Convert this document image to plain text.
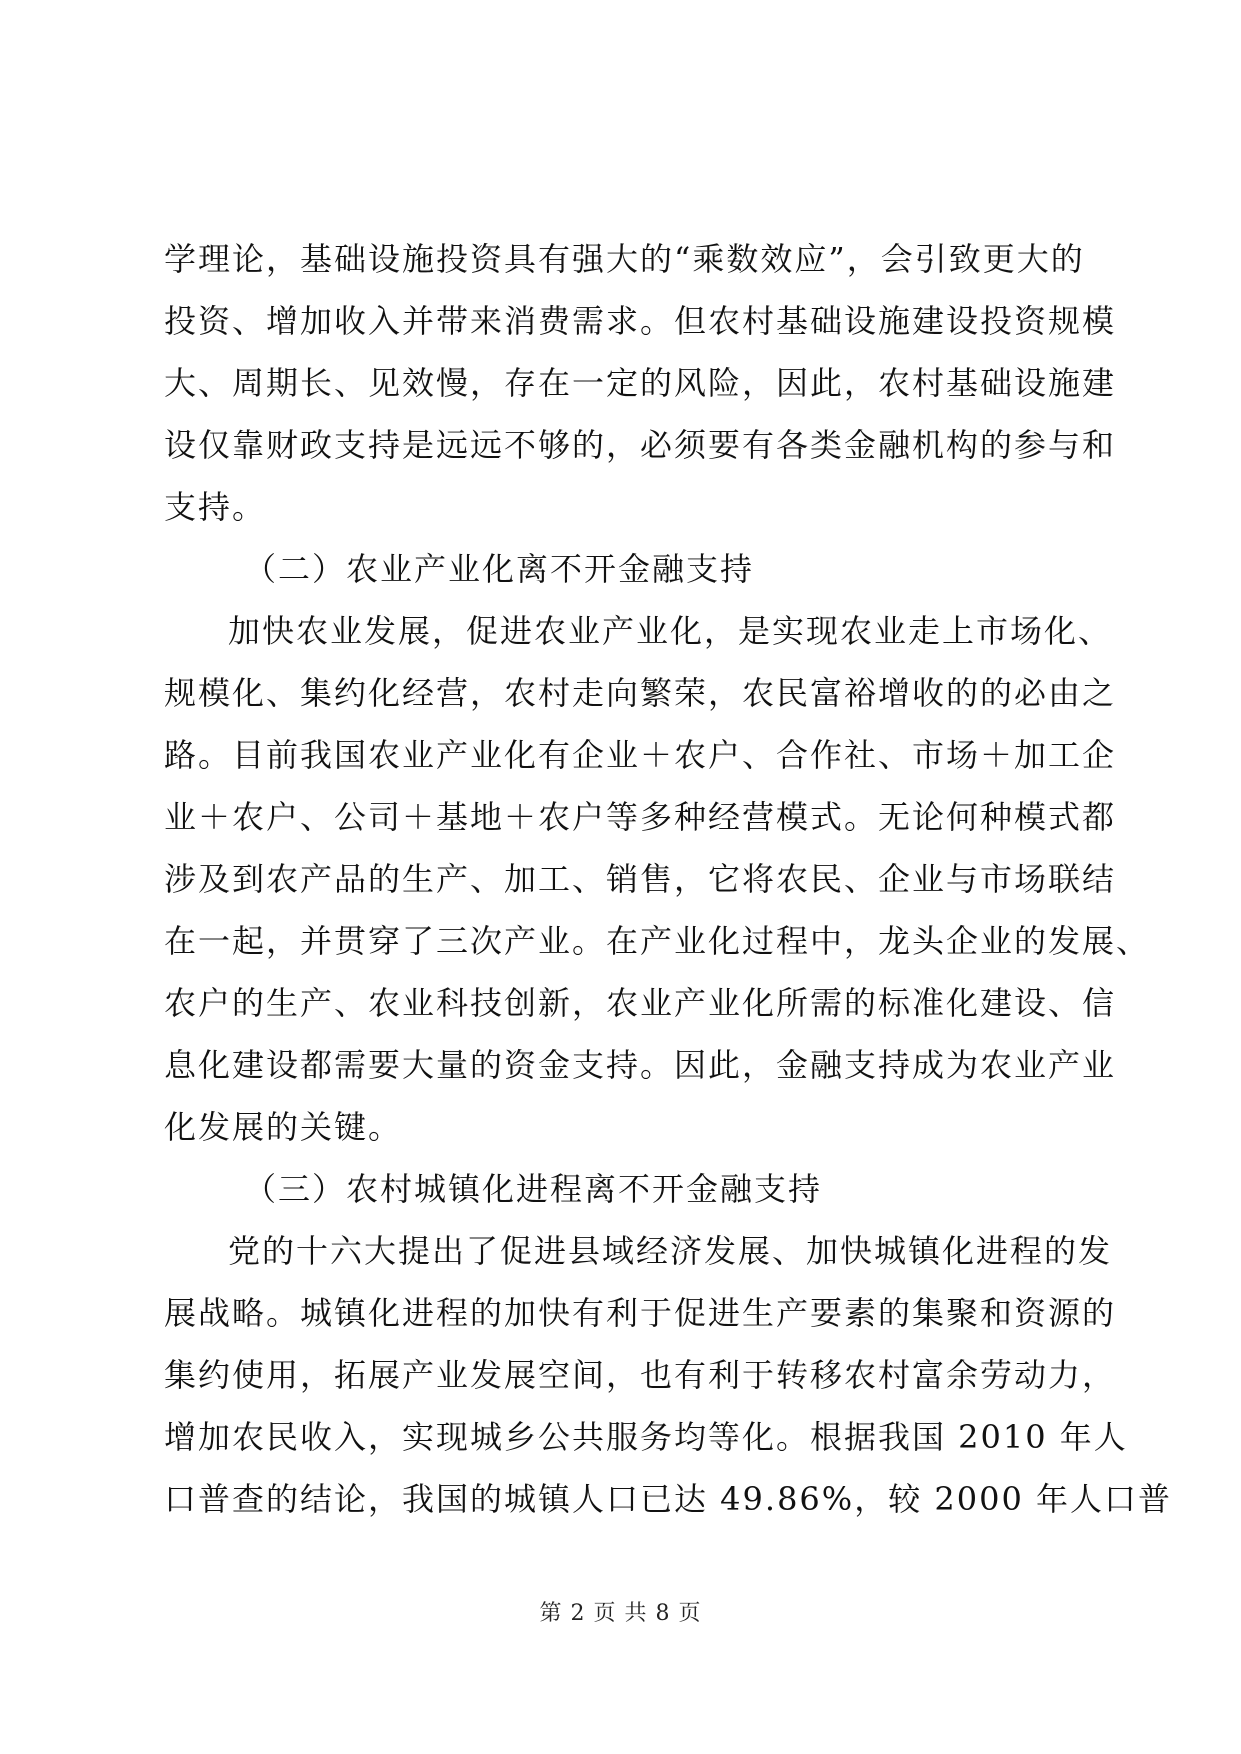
学理论，基础设施投资具有强大的“乘数效应”，会引致更大的
投资、增加收入并带来消费需求。但农村基础设施建设投资规模
大、周期长、见效慢，存在一定的风险，因此，农村基础设施建
设仅靠财政支持是远远不够的，必须要有各类金融机构的参与和
支持。
（二）农业产业化离不开金融支持
加快农业发展，促进农业产业化，是实现农业走上市场化、
规模化、集约化经营，农村走向繁荣，农民富裕增收的的必由之
路。目前我国农业产业化有企业＋农户、合作社、市场＋加工企
业＋农户、公司＋基地＋农户等多种经营模式。无论何种模式都
涉及到农产品的生产、加工、销售，它将农民、企业与市场联结
在一起，并贯穿了三次产业。在产业化过程中，龙头企业的发展、
农户的生产、农业科技创新，农业产业化所需的标准化建设、信
息化建设都需要大量的资金支持。因此，金融支持成为农业产业
化发展的关键。
（三）农村城镇化进程离不开金融支持
党的十六大提出了促进县域经济发展、加快城镇化进程的发
展战略。城镇化进程的加快有利于促进生产要素的集聚和资源的
集约使用，拓展产业发展空间，也有利于转移农村富余劳动力，
增加农民收入，实现城乡公共服务均等化。根据我国 2010 年人
口普查的结论，我国的城镇人口已达 49.86%，较 2000 年人口普
第 2 页 共 8 页
